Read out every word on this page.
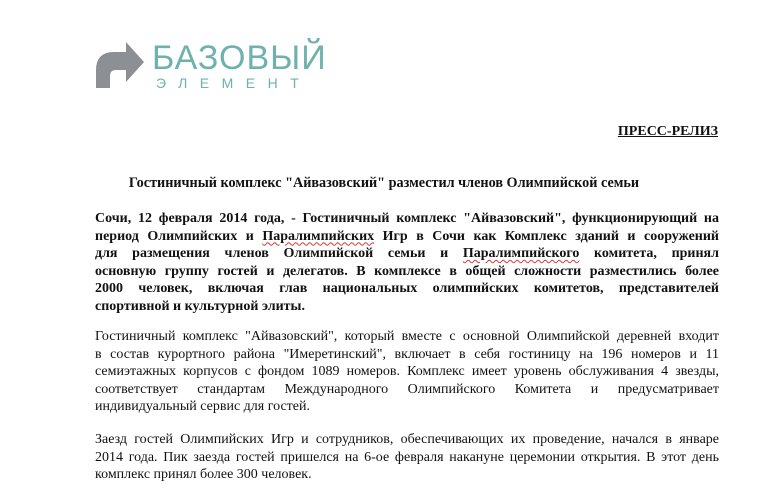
БАЗОВЫЙ
ЭЛЕМЕНТ
ПРЕСС-РЕЛИЗ
Гостиничный комплекс "Айвазовский" разместил членов Олимпийской семьи
Сочи, 12 февраля 2014 года, - Гостиничный комплекс "Айвазовский", функционирующий на
период Олимпийских и Паралимпийских Игр в Сочи как Комплекс зданий и сооружений
для размещения членов Олимпийской семьи и Паралимпийского комитета, принял
основную группу гостей и делегатов. В комплексе в общей сложности разместились более
2000 человек, включая глав национальных олимпийских комитетов, представителей
спортивной и культурной элиты.
Гостиничный комплекс "Айвазовский", который вместе с основной Олимпийской деревней входит
в состав курортного района "Имеретинский", включает в себя гостиницу на 196 номеров и 11
семиэтажных корпусов с фондом 1089 номеров. Комплекс имеет уровень обслуживания 4 звезды,
соответствует стандартам Международного Олимпийского Комитета и предусматривает
индивидуальный сервис для гостей.
Заезд гостей Олимпийских Игр и сотрудников, обеспечивающих их проведение, начался в январе
2014 года. Пик заезда гостей пришелся на 6-ое февраля накануне церемонии открытия. В этот день
комплекс принял более 300 человек.
